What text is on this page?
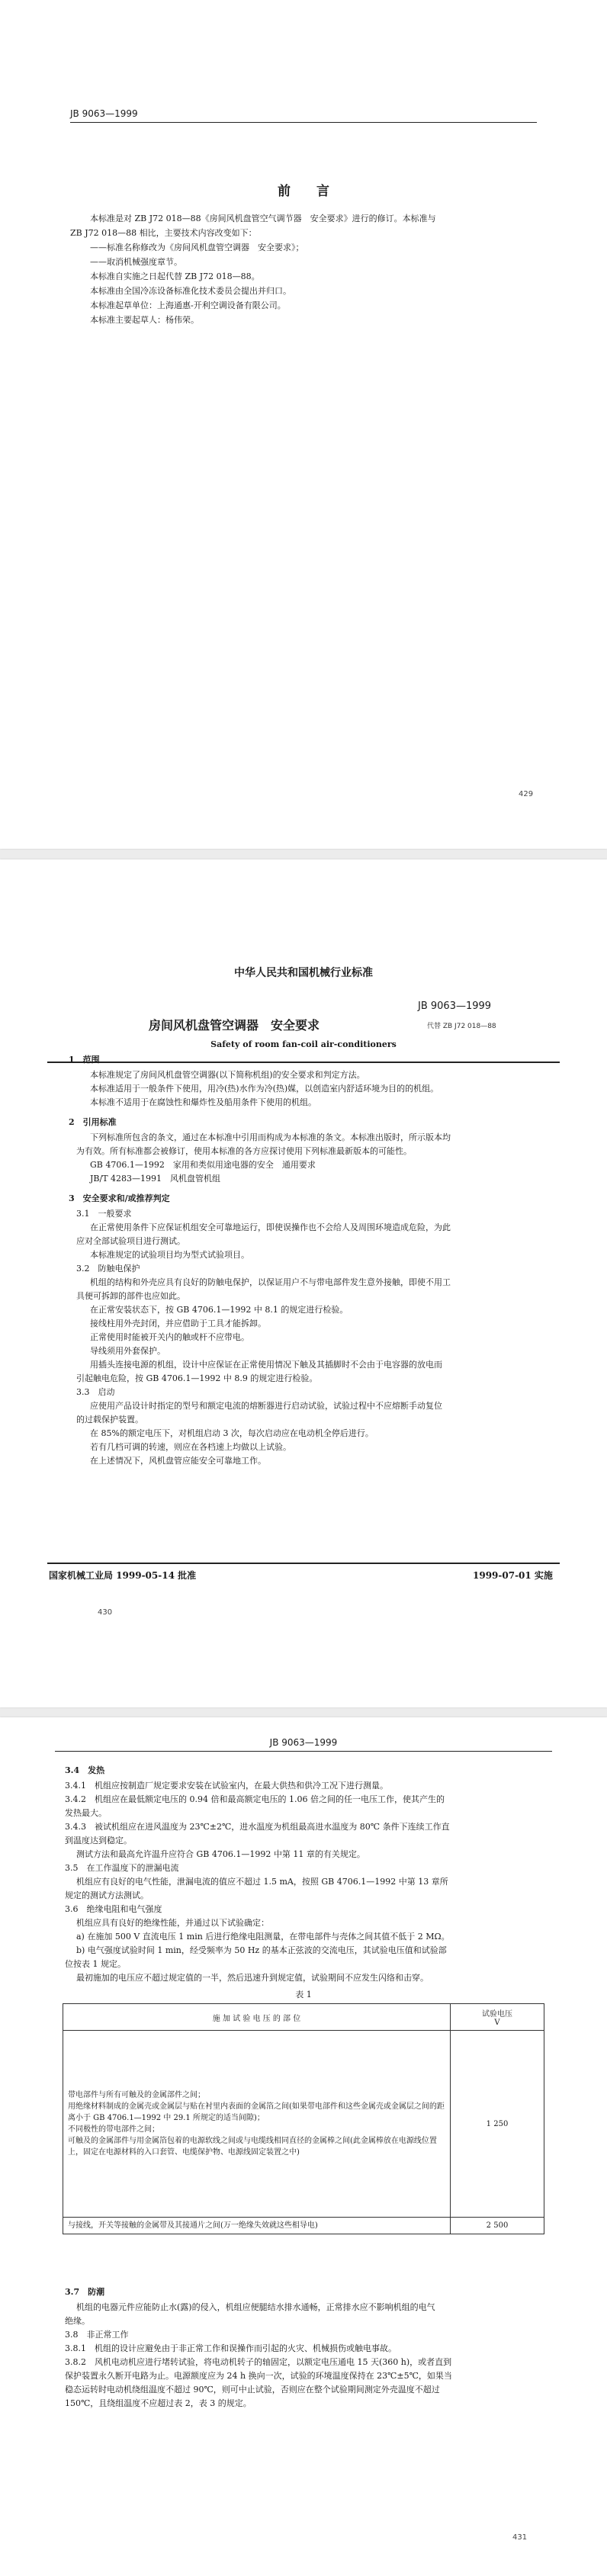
JB 9063—1999
前　　言
本标准是对 ZB J72 018—88《房间风机盘管空气调节器　安全要求》进行的修订。本标准与
ZB J72 018—88 相比，主要技术内容改变如下：
——标准名称修改为《房间风机盘管空调器　安全要求》；
——取消机械强度章节。
本标准自实施之日起代替 ZB J72 018—88。
本标准由全国冷冻设备标准化技术委员会提出并归口。
本标准起草单位：上海通惠-开利空调设备有限公司。
本标准主要起草人：杨伟荣。
429
中华人民共和国机械行业标准
JB 9063—1999
房间风机盘管空调器　安全要求	代替 ZB J72 018—88
Safety of room fan-coil air-conditioners
1　范围
本标准规定了房间风机盘管空调器(以下简称机组)的安全要求和判定方法。
本标准适用于一般条件下使用，用冷(热)水作为冷(热)媒，以创造室内舒适环境为目的的机组。
本标准不适用于在腐蚀性和爆炸性及船用条件下使用的机组。
2　引用标准
下列标准所包含的条文，通过在本标准中引用而构成为本标准的条文。本标准出版时，所示版本均
为有效。所有标准都会被修订，使用本标准的各方应探讨使用下列标准最新版本的可能性。
GB 4706.1—1992　家用和类似用途电器的安全　通用要求
JB/T 4283—1991　风机盘管机组
3　安全要求和/或推荐判定
3.1　一般要求
在正常使用条件下应保证机组安全可靠地运行，即使误操作也不会给人及周围环境造成危险，为此
应对全部试验项目进行测试。
本标准规定的试验项目均为型式试验项目。
3.2　防触电保护
机组的结构和外壳应具有良好的防触电保护，以保证用户不与带电部件发生意外接触，即使不用工
具便可拆卸的部件也应如此。
在正常安装状态下，按 GB 4706.1—1992 中 8.1 的规定进行检验。
接线柱用外壳封闭，并应借助于工具才能拆卸。
正常使用时能被开关内的触或杆不应带电。
导线须用外套保护。
用插头连接电源的机组，设计中应保证在正常使用情况下触及其插脚时不会由于电容器的放电而
引起触电危险，按 GB 4706.1—1992 中 8.9 的规定进行检验。
3.3　启动
应使用产品设计时指定的型号和额定电流的熔断器进行启动试验，试验过程中不应熔断手动复位
的过载保护装置。
在 85%的额定电压下，对机组启动 3 次，每次启动应在电动机全停后进行。
若有几档可调的转速，则应在各档速上均做以上试验。
在上述情况下，风机盘管应能安全可靠地工作。
国家机械工业局 1999-05-14 批准	1999-07-01 实施
430
JB 9063—1999
3.4　发热
3.4.1　机组应按制造厂规定要求安装在试验室内，在最大供热和供冷工况下进行测量。
3.4.2　机组应在最低额定电压的 0.94 倍和最高额定电压的 1.06 倍之间的任一电压工作，使其产生的
发热最大。
3.4.3　被试机组应在进风温度为 23℃±2℃，进水温度为机组最高进水温度为 80℃ 条件下连续工作直
到温度达到稳定。
测试方法和最高允许温升应符合 GB 4706.1—1992 中第 11 章的有关规定。
3.5　在工作温度下的泄漏电流
机组应有良好的电气性能，泄漏电流的值应不超过 1.5 mA，按照 GB 4706.1—1992 中第 13 章所
规定的测试方法测试。
3.6　绝缘电阻和电气强度
机组应具有良好的绝缘性能，并通过以下试验确定：
a) 在施加 500 V 直流电压 1 min 后进行绝缘电阻测量，在带电部件与壳体之间其值不低于 2 MΩ。
b) 电气强度试验时间 1 min，经受频率为 50 Hz 的基本正弦波的交流电压，其试验电压值和试验部
位按表 1 规定。
最初施加的电压应不超过规定值的一半，然后迅速升到规定值，试验期间不应发生闪络和击穿。
表 1
施 加 试 验 电 压 的 部 位	试验电压
V
带电部件与所有可触及的金属部件之间；
用绝缘材料制成的金属壳或金属层与贴在衬里内表面的金属箔之间(如果带电部件和这些金属壳或金属层之间的距离小于 GB 4706.1—1992 中 29.1 所规定的适当间隙)；
不同极性的带电部件之间；
可触及的金属部件与用金属箔包着的电源软线之间或与电缆线相同直径的金属棒之间(此金属棒放在电源线位置上，固定在电源材料的入口套管、电缆保护物、电源线固定装置之中)	1 250
与接线，开关等接触的金属带及其接通片之间(万一绝缘失效就这些相导电)	2 500
3.7　防潮
机组的电器元件应能防止水(露)的侵入，机组应便腿结水排水通畅，正常排水应不影响机组的电气
绝缘。
3.8　非正常工作
3.8.1　机组的设计应避免由于非正常工作和误操作而引起的火灾、机械损伤或触电事故。
3.8.2　风机电动机应进行堵转试验，将电动机转子的轴固定，以额定电压通电 15 天(360 h)，或者直到
保护装置永久断开电路为止。电源额度应为 24 h 换向一次，试验的环境温度保持在 23℃±5℃，如果当
稳态运转时电动机绕组温度不超过 90℃，则可中止试验，否则应在整个试验期间测定外壳温度不超过
150℃，且绕组温度不应超过表 2，表 3 的规定。
431
